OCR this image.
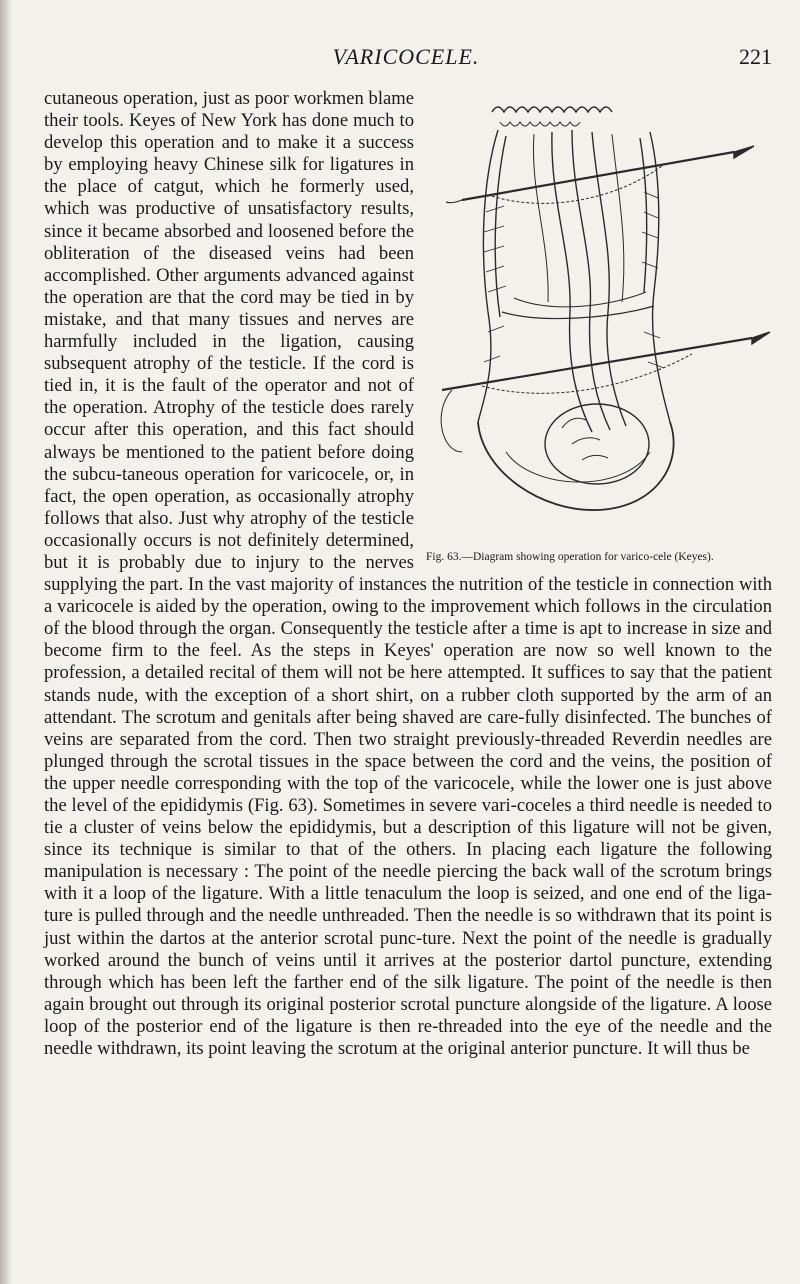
VARICOCELE.	221
Fig. 63.—Diagram showing operation for varico-cele (Keyes).
cutaneous operation, just as poor workmen blame their tools. Keyes of New York has done much to develop this operation and to make it a success by employing heavy Chinese silk for ligatures in the place of catgut, which he formerly used, which was productive of unsatisfactory results, since it became absorbed and loosened before the obliteration of the diseased veins had been accomplished. Other arguments advanced against the operation are that the cord may be tied in by mistake, and that many tissues and nerves are harmfully included in the ligation, causing subsequent atrophy of the testicle. If the cord is tied in, it is the fault of the operator and not of the operation. Atrophy of the testicle does rarely occur after this operation, and this fact should always be mentioned to the patient before doing the subcu-taneous operation for varicocele, or, in fact, the open operation, as occasionally atrophy follows that also. Just why atrophy of the testicle occasionally occurs is not definitely determined, but it is probably due to injury to the nerves supplying the part. In the vast majority of instances the nutrition of the testicle in connection with a varicocele is aided by the operation, owing to the improvement which follows in the circulation of the blood through the organ. Consequently the testicle after a time is apt to increase in size and become firm to the feel. As the steps in Keyes' operation are now so well known to the profession, a detailed recital of them will not be here attempted. It suffices to say that the patient stands nude, with the exception of a short shirt, on a rubber cloth supported by the arm of an attendant. The scrotum and genitals after being shaved are care-fully disinfected. The bunches of veins are separated from the cord. Then two straight previously-threaded Reverdin needles are plunged through the scrotal tissues in the space between the cord and the veins, the position of the upper needle corresponding with the top of the varicocele, while the lower one is just above the level of the epididymis (Fig. 63). Sometimes in severe vari-coceles a third needle is needed to tie a cluster of veins below the epididymis, but a description of this ligature will not be given, since its technique is similar to that of the others. In placing each ligature the following manipulation is necessary : The point of the needle piercing the back wall of the scrotum brings with it a loop of the ligature. With a little tenaculum the loop is seized, and one end of the liga-ture is pulled through and the needle unthreaded. Then the needle is so withdrawn that its point is just within the dartos at the anterior scrotal punc-ture. Next the point of the needle is gradually worked around the bunch of veins until it arrives at the posterior dartol puncture, extending through which has been left the farther end of the silk ligature. The point of the needle is then again brought out through its original posterior scrotal puncture alongside of the ligature. A loose loop of the posterior end of the ligature is then re-threaded into the eye of the needle and the needle withdrawn, its point leaving the scrotum at the original anterior puncture. It will thus be
